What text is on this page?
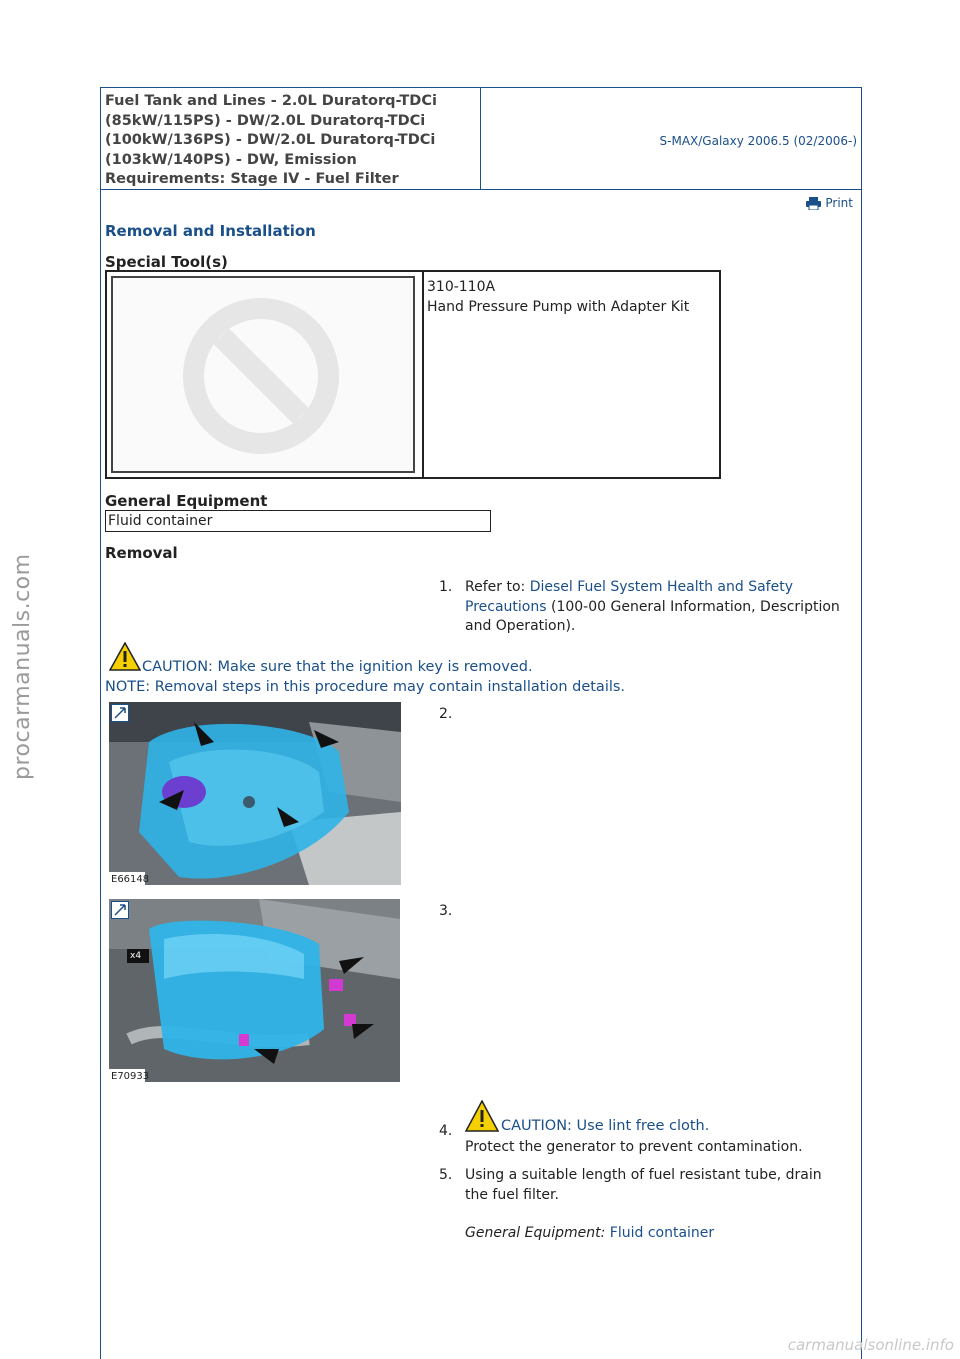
Fuel Tank and Lines - 2.0L Duratorq-TDCi (85kW/115PS) - DW/2.0L Duratorq-TDCi (100kW/136PS) - DW/2.0L Duratorq-TDCi (103kW/140PS) - DW, Emission Requirements: Stage IV - Fuel Filter
S-MAX/Galaxy 2006.5 (02/2006-)
Print
Removal and Installation
Special Tool(s)
310-110A
Hand Pressure Pump with Adapter Kit
General Equipment
Fluid container
Removal
1. Refer to: Diesel Fuel System Health and Safety Precautions (100-00 General Information, Description and Operation).
CAUTION: Make sure that the ignition key is removed.
NOTE: Removal steps in this procedure may contain installation details.
E66148
2.
x4
E70933
3.
4.	CAUTION: Use lint free cloth.
Protect the generator to prevent contamination.
5. Using a suitable length of fuel resistant tube, drain the fuel filter.
General Equipment: Fluid container
procarmanuals.com
carmanualsonline.info
